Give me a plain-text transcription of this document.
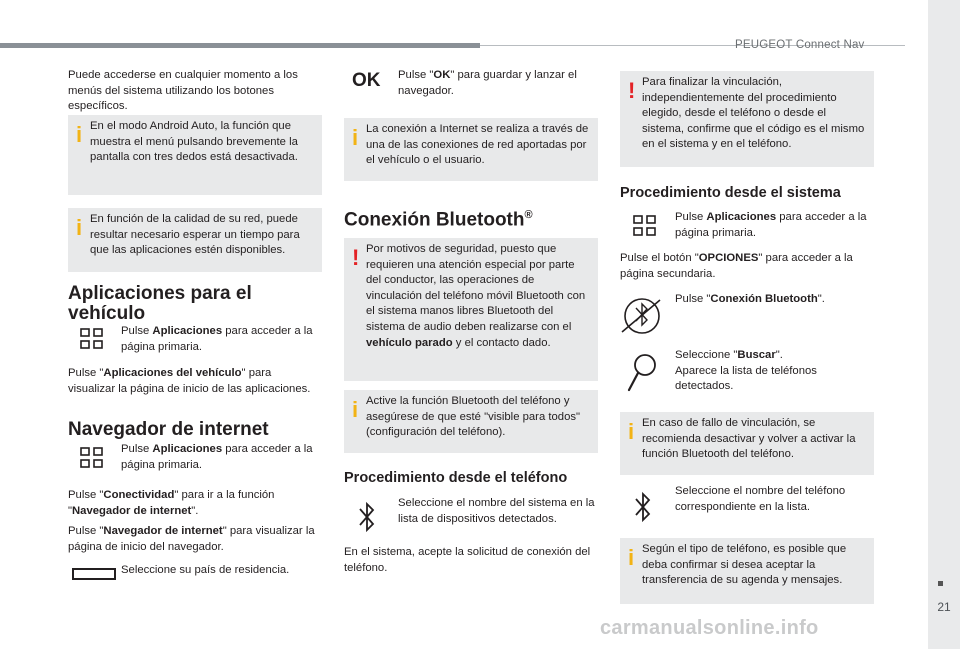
PEUGEOT Connect Nav
21
carmanualsonline.info
Puede accederse en cualquier momento a los menús del sistema utilizando los botones específicos.
i En el modo Android Auto, la función que muestra el menú pulsando brevemente la pantalla con tres dedos está desactivada.
i En función de la calidad de su red, puede resultar necesario esperar un tiempo para que las aplicaciones estén disponibles.
Aplicaciones para el vehículo
Pulse Aplicaciones para acceder a la página primaria.
Pulse "Aplicaciones del vehículo" para visualizar la página de inicio de las aplicaciones.
Navegador de internet
Pulse Aplicaciones para acceder a la página primaria.
Pulse "Conectividad" para ir a la función "Navegador de internet".
Pulse "Navegador de internet" para visualizar la página de inicio del navegador.
Seleccione su país de residencia.
OK Pulse "OK" para guardar y lanzar el navegador.
i La conexión a Internet se realiza a través de una de las conexiones de red aportadas por el vehículo o el usuario.
Conexión Bluetooth®
! Por motivos de seguridad, puesto que requieren una atención especial por parte del conductor, las operaciones de vinculación del teléfono móvil Bluetooth con el sistema manos libres Bluetooth del sistema de audio deben realizarse con el vehículo parado y el contacto dado.
i Active la función Bluetooth del teléfono y asegúrese de que esté "visible para todos" (configuración del teléfono).
Procedimiento desde el teléfono
Seleccione el nombre del sistema en la lista de dispositivos detectados.
En el sistema, acepte la solicitud de conexión del teléfono.
! Para finalizar la vinculación, independientemente del procedimiento elegido, desde el teléfono o desde el sistema, confirme que el código es el mismo en el sistema y en el teléfono.
Procedimiento desde el sistema
Pulse Aplicaciones para acceder a la página primaria.
Pulse el botón "OPCIONES" para acceder a la página secundaria.
Pulse "Conexión Bluetooth".
Seleccione "Buscar".
Aparece la lista de teléfonos detectados.
i En caso de fallo de vinculación, se recomienda desactivar y volver a activar la función Bluetooth del teléfono.
Seleccione el nombre del teléfono correspondiente en la lista.
i Según el tipo de teléfono, es posible que deba confirmar si desea aceptar la transferencia de su agenda y mensajes.
